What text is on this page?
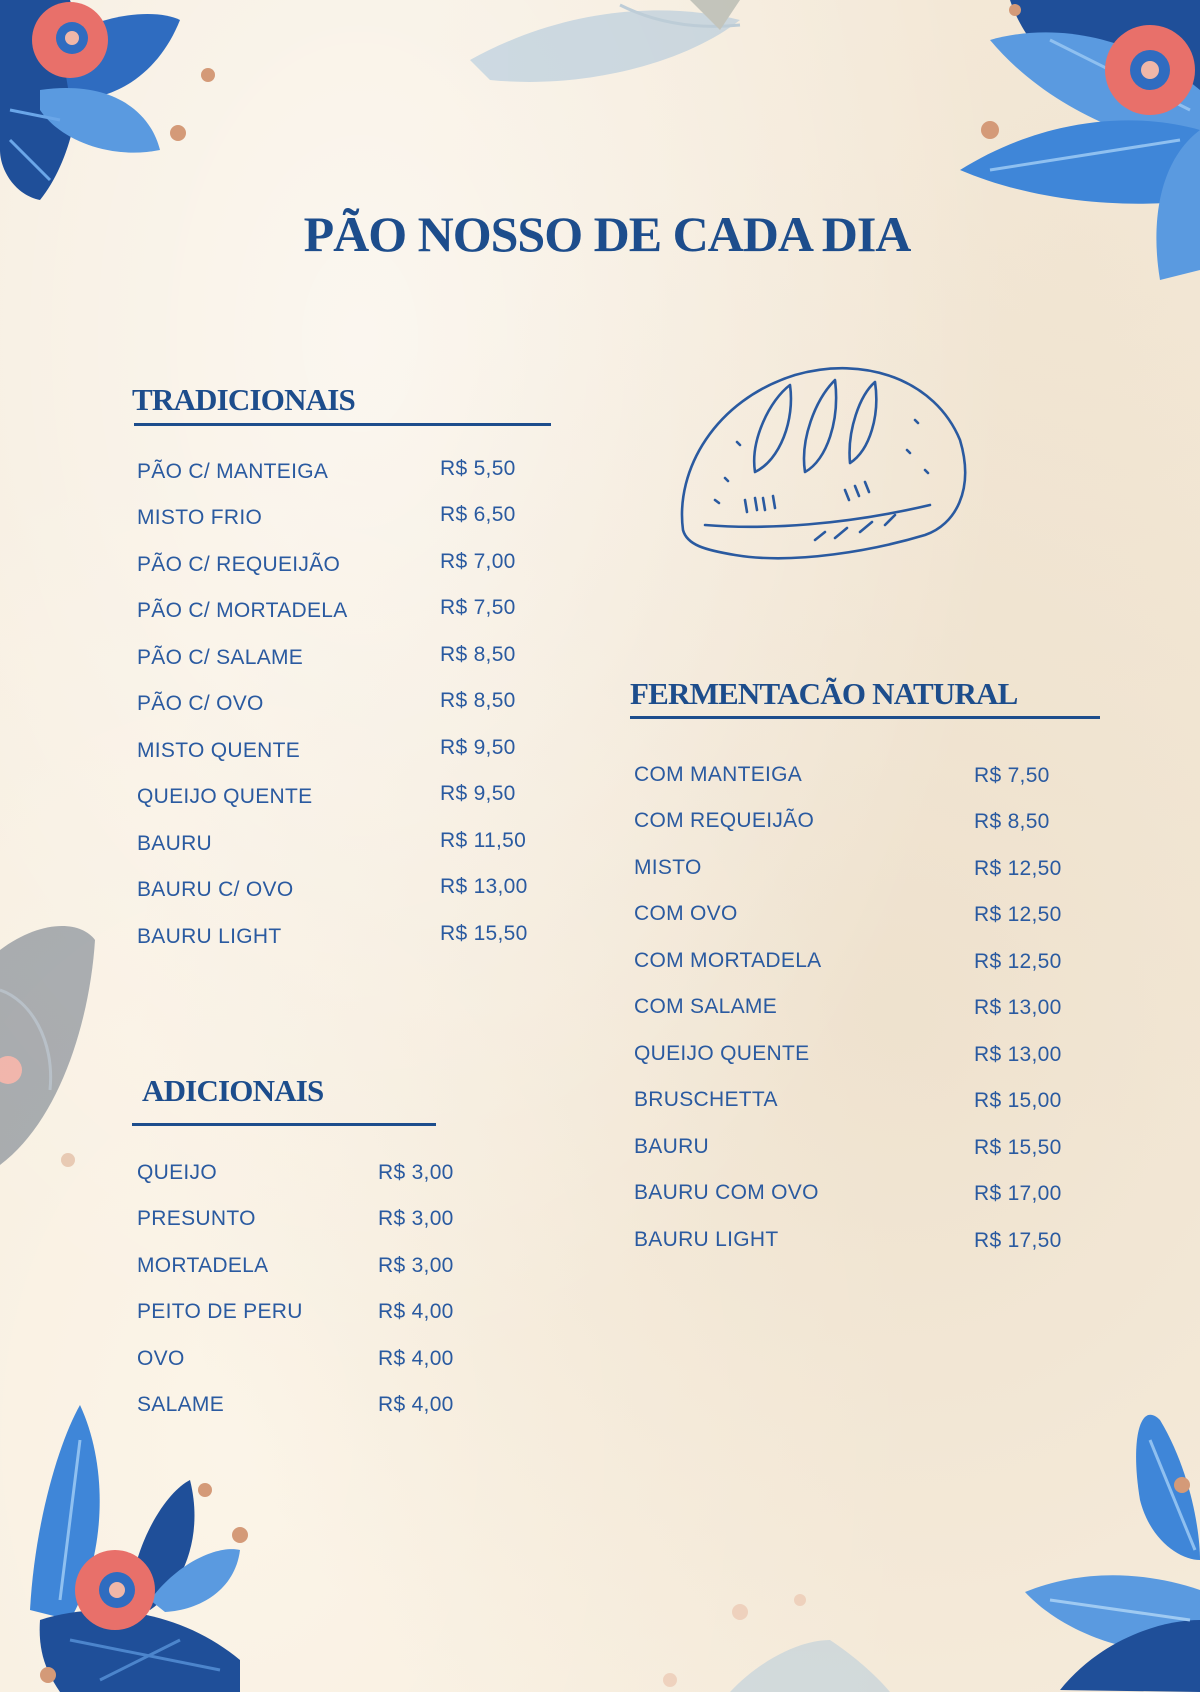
PÃO NOSSO DE CADA DIA
TRADICIONAIS
PÃO C/ MANTEIGA	R$ 5,50
MISTO FRIO	R$ 6,50
PÃO C/ REQUEIJÃO	R$ 7,00
PÃO C/ MORTADELA	R$ 7,50
PÃO C/ SALAME	R$ 8,50
PÃO C/ OVO	R$ 8,50
MISTO QUENTE	R$ 9,50
QUEIJO QUENTE	R$ 9,50
BAURU	R$ 11,50
BAURU C/ OVO	R$ 13,00
BAURU LIGHT	R$ 15,50
ADICIONAIS
QUEIJO	R$ 3,00
PRESUNTO	R$ 3,00
MORTADELA	R$ 3,00
PEITO DE PERU	R$ 4,00
OVO	R$ 4,00
SALAME	R$ 4,00
FERMENTACÃO NATURAL
COM MANTEIGA	R$ 7,50
COM REQUEIJÃO	R$ 8,50
MISTO	R$ 12,50
COM OVO	R$ 12,50
COM MORTADELA	R$ 12,50
COM SALAME	R$ 13,00
QUEIJO QUENTE	R$ 13,00
BRUSCHETTA	R$ 15,00
BAURU	R$ 15,50
BAURU COM OVO	R$ 17,00
BAURU LIGHT	R$ 17,50
